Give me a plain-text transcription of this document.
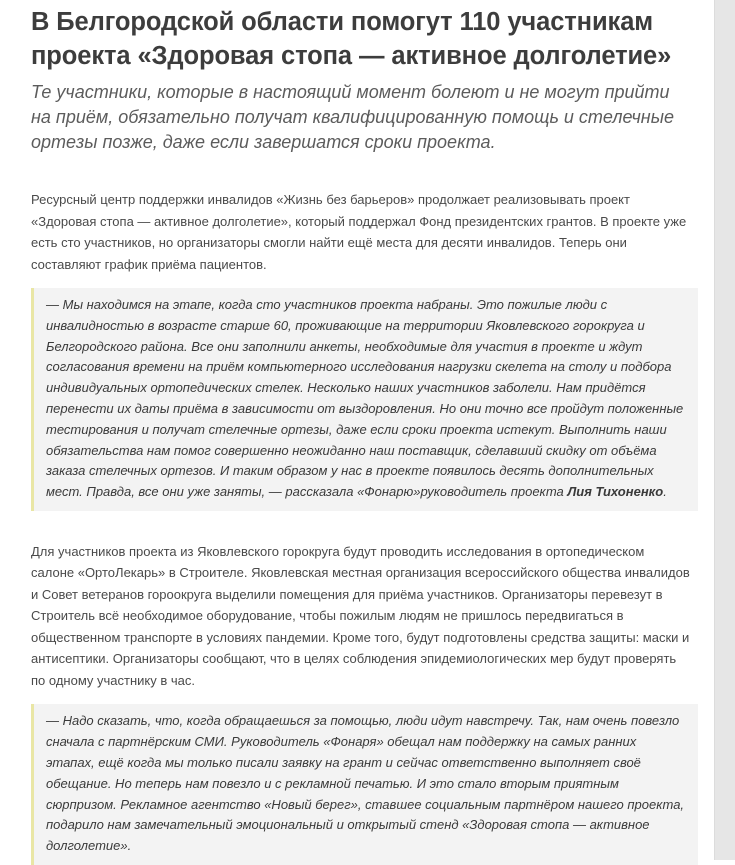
В Белгородской области помогут 110 участникам проекта «Здоровая стопа — активное долголетие»

Те участники, которые в настоящий момент болеют и не могут прийти на приём, обязательно получат квалифицированную помощь и стелечные ортезы позже, даже если завершатся сроки проекта.

Ресурсный центр поддержки инвалидов «Жизнь без барьеров» продолжает реализовывать проект «Здоровая стопа — активное долголетие», который поддержал Фонд президентских грантов. В проекте уже есть сто участников, но организаторы смогли найти ещё места для десяти инвалидов. Теперь они составляют график приёма пациентов.

— Мы находимся на этапе, когда сто участников проекта набраны. Это пожилые люди с инвалидностью в возрасте старше 60, проживающие на территории Яковлевского горокруга и Белгородского района. Все они заполнили анкеты, необходимые для участия в проекте и ждут согласования времени на приём компьютерного исследования нагрузки скелета на столу и подбора индивидуальных ортопедических стелек. Несколько наших участников заболели. Нам придётся перенести их даты приёма в зависимости от выздоровления. Но они точно все пройдут положенные тестирования и получат стелечные ортезы, даже если сроки проекта истекут. Выполнить наши обязательства нам помог совершенно неожиданно наш поставщик, сделавший скидку от объёма заказа стелечных ортезов. И таким образом у нас в проекте появилось десять дополнительных мест. Правда, все они уже заняты, — рассказала «Фонарю»руководитель проекта Лия Тихоненко.

Для участников проекта из Яковлевского горокруга будут проводить исследования в ортопедическом салоне «ОртоЛекарь» в Строителе. Яковлевская местная организация всероссийского общества инвалидов и Совет ветеранов гороокруга выделили помещения для приёма участников. Организаторы перевезут в Строитель всё необходимое оборудование, чтобы пожилым людям не пришлось передвигаться в общественном транспорте в условиях пандемии. Кроме того, будут подготовлены средства защиты: маски и антисептики. Организаторы сообщают, что в целях соблюдения эпидемиологических мер будут проверять по одному участнику в час.

— Надо сказать, что, когда обращаешься за помощью, люди идут навстречу. Так, нам очень повезло сначала с партнёрским СМИ. Руководитель «Фонаря» обещал нам поддержку на самых ранних этапах, ещё когда мы только писали заявку на грант и сейчас ответственно выполняет своё обещание. Но теперь нам повезло и с рекламной печатью. И это стало вторым приятным сюрпризом. Рекламное агентство «Новый берег», ставшее социальным партнёром нашего проекта, подарило нам замечательный эмоциональный и открытый стенд «Здоровая стопа — активное долголетие».
